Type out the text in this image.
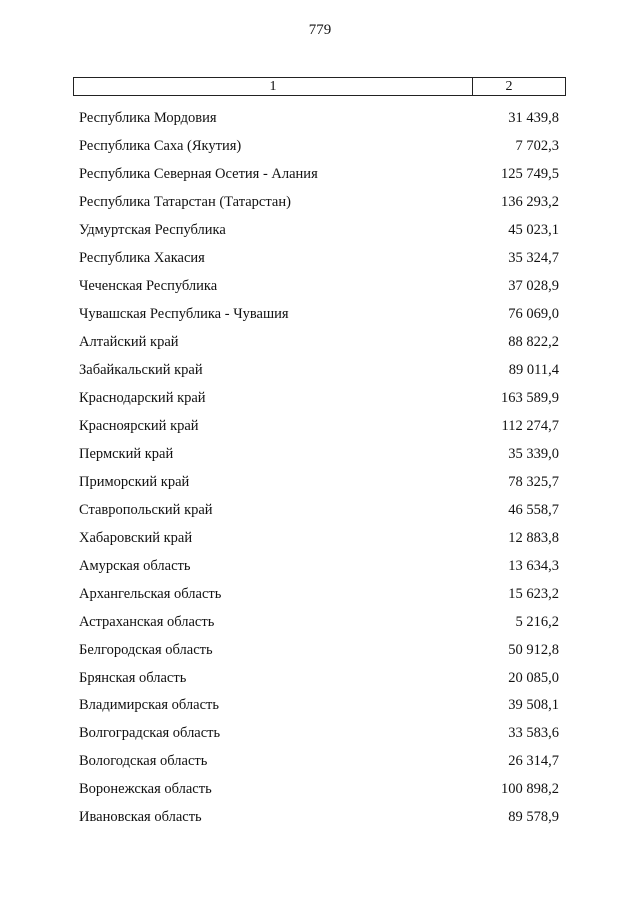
779
1	2
Республика Мордовия	31 439,8
Республика Саха (Якутия)	7 702,3
Республика Северная Осетия - Алания	125 749,5
Республика Татарстан (Татарстан)	136 293,2
Удмуртская Республика	45 023,1
Республика Хакасия	35 324,7
Чеченская Республика	37 028,9
Чувашская Республика - Чувашия	76 069,0
Алтайский край	88 822,2
Забайкальский край	89 011,4
Краснодарский край	163 589,9
Красноярский край	112 274,7
Пермский край	35 339,0
Приморский край	78 325,7
Ставропольский край	46 558,7
Хабаровский край	12 883,8
Амурская область	13 634,3
Архангельская область	15 623,2
Астраханская область	5 216,2
Белгородская область	50 912,8
Брянская область	20 085,0
Владимирская область	39 508,1
Волгоградская область	33 583,6
Вологодская область	26 314,7
Воронежская область	100 898,2
Ивановская область	89 578,9
